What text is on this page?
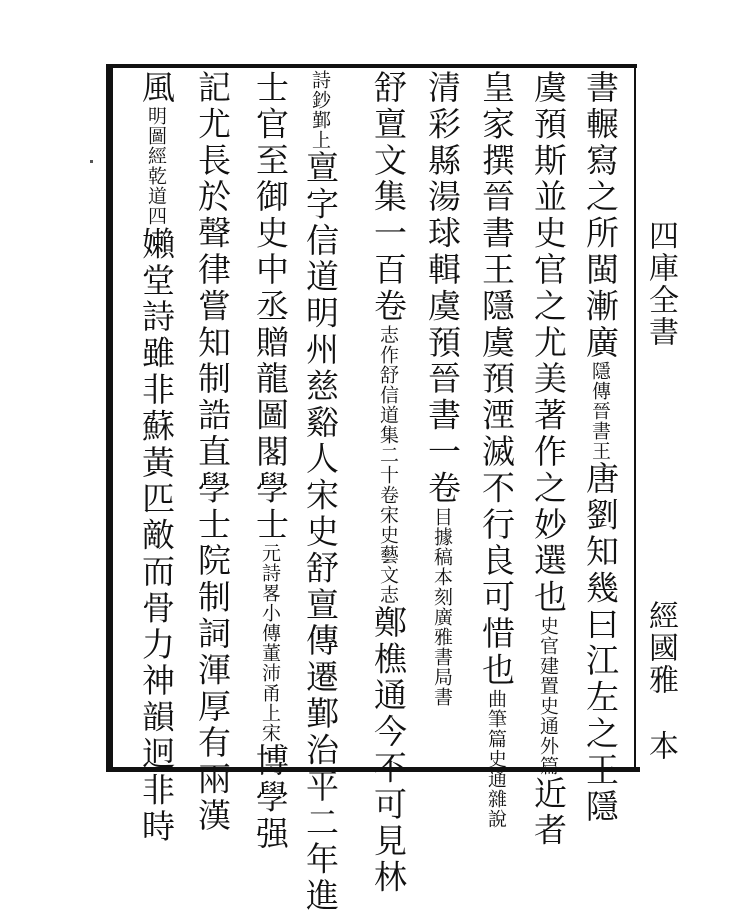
四庫全書
經國雅
本
書輾寫之所閩漸廣
晉書王
隱傳
唐劉知幾曰江左之王隱
虞預斯並史官之尤美著作之妙選也
史通外篇
史官建置
近者
皇家撰晉書王隱虞預湮滅不行良可惜也
史通雜說
曲筆篇
清彩縣湯球輯虞預晉書一卷
廣雅書局書
目據稿本刻
舒亶文集一百卷
宋史藝文志
志作舒信道集二十卷
鄭樵通今不可見林
鄞上
詩鈔
亶字信道明州慈谿人宋史舒亶傳遷鄞治平二年進
士官至御史中丞贈龍圖閣學士
董沛甬上宋
元詩畧小傳
博學强
記尤長於聲律嘗知制誥直學士院制詞渾厚有兩漢
風
乾道四
明圖經
嬾堂詩雖非蘇黃匹敵而骨力神韻迥非時
